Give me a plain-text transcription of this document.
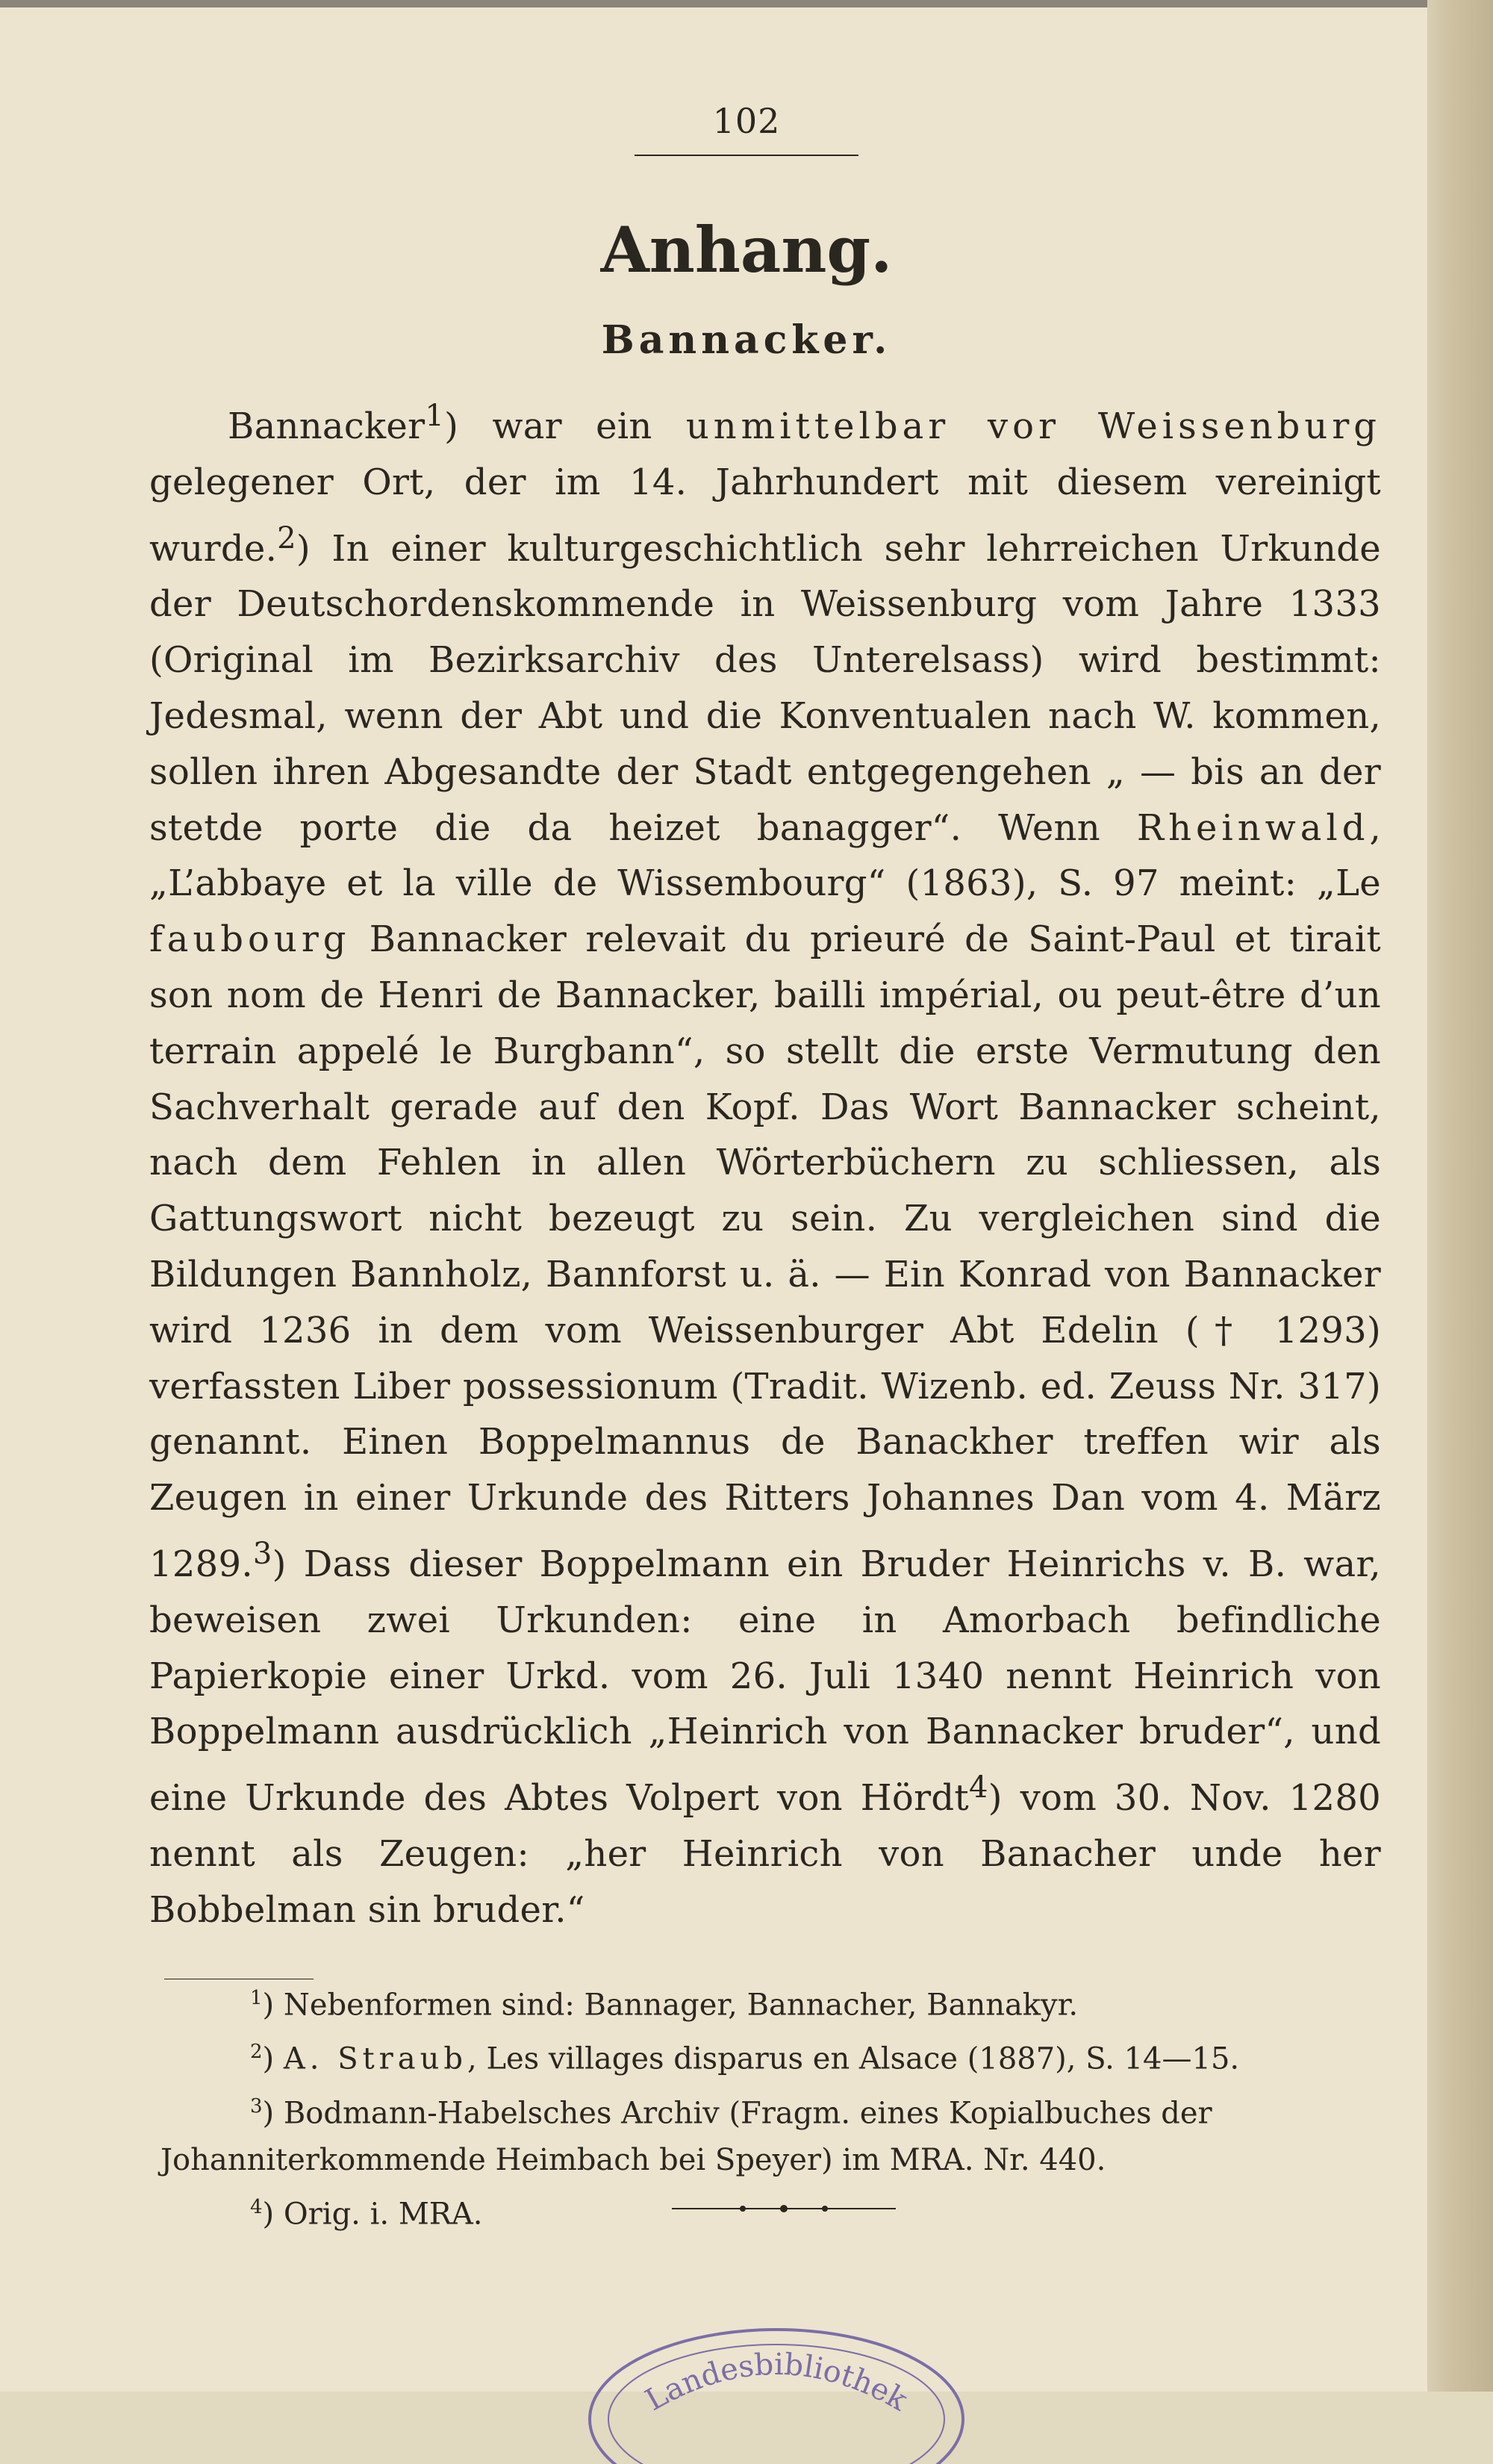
102
Anhang.
Bannacker.

Bannacker$^1$) war ein unmittelbar vor Weissenburg gelegener Ort, der im 14. Jahrhundert mit diesem vereinigt wurde.$^2$) In einer kulturgeschichtlich sehr lehrreichen Urkunde der Deutschordenskommende in Weissenburg vom Jahre 1333 (Original im Bezirksarchiv des Unterelsass) wird bestimmt: Jedesmal, wenn der Abt und die Konventualen nach W. kommen, sollen ihren Abgesandte der Stadt entgegengehen „ — bis an der stetde porte die da heizet banagger“. Wenn Rheinwald, „L’abbaye et la ville de Wissembourg“ (1863), S. 97 meint: „Le faubourg Bannacker relevait du prieuré de Saint-Paul et tirait son nom de Henri de Bannacker, bailli impérial, ou peut-être d’un terrain appelé le Burgbann“, so stellt die erste Vermutung den Sachverhalt gerade auf den Kopf. Das Wort Bannacker scheint, nach dem Fehlen in allen Wörterbüchern zu schliessen, als Gattungswort nicht bezeugt zu sein. Zu vergleichen sind die Bildungen Bannholz, Bannforst u. ä. — Ein Konrad von Bannacker wird 1236 in dem vom Weissenburger Abt Edelin († 1293) verfassten Liber possessionum (Tradit. Wizenb. ed. Zeuss Nr. 317) genannt. Einen Boppelmannus de Banackher treffen wir als Zeugen in einer Urkunde des Ritters Johannes Dan vom 4. März 1289.$^3$) Dass dieser Boppelmann ein Bruder Heinrichs v. B. war, beweisen zwei Urkunden: eine in Amorbach befindliche Papierkopie einer Urkd. vom 26. Juli 1340 nennt Heinrich von Boppelmann ausdrücklich „Heinrich von Bannacker bruder“, und eine Urkunde des Abtes Volpert von Hördt$^4$) vom 30. Nov. 1280 nennt als Zeugen: „her Heinrich von Banacher unde her Bobbelman sin bruder.“

$^1$) Nebenformen sind: Bannager, Bannacher, Bannakyr.
$^2$) A. Straub, Les villages disparus en Alsace (1887), S. 14—15.
$^3$) Bodmann-Habelsches Archiv (Fragm. eines Kopialbuches der Johanniterkommende Heimbach bei Speyer) im MRA. Nr. 440.
$^4$) Orig. i. MRA.
Landesbibliothek
